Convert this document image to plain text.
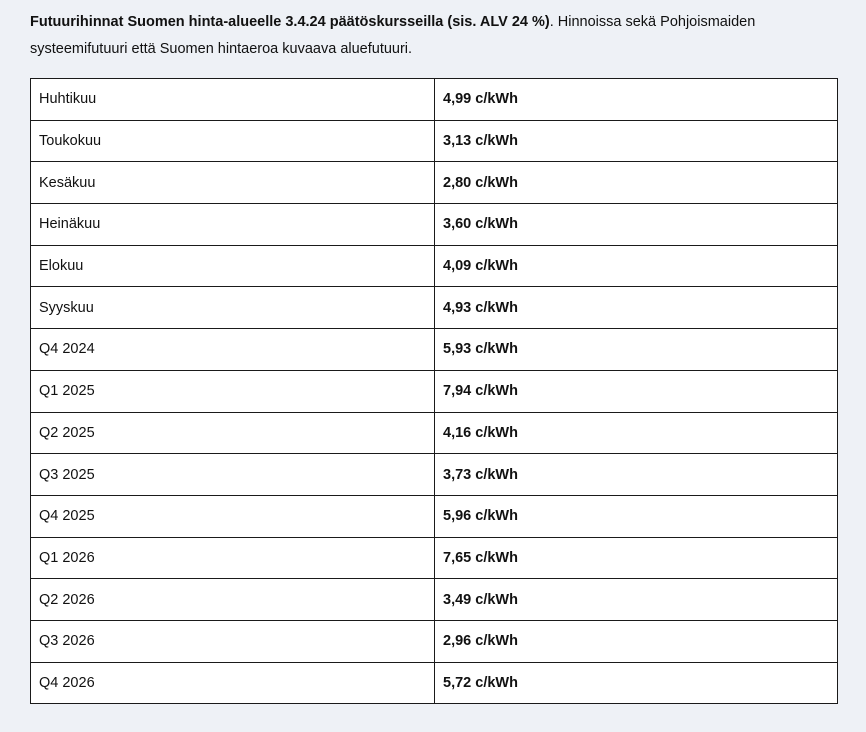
Futuurihinnat Suomen hinta-alueelle 3.4.24 päätöskursseilla (sis. ALV 24 %). Hinnoissa sekä Pohjoismaiden systeemifutuuri että Suomen hintaeroa kuvaava aluefutuuri.

Huhtikuu	4,99 c/kWh
Toukokuu	3,13 c/kWh
Kesäkuu	2,80 c/kWh
Heinäkuu	3,60 c/kWh
Elokuu	4,09 c/kWh
Syyskuu	4,93 c/kWh
Q4 2024	5,93 c/kWh
Q1 2025	7,94 c/kWh
Q2 2025	4,16 c/kWh
Q3 2025	3,73 c/kWh
Q4 2025	5,96 c/kWh
Q1 2026	7,65 c/kWh
Q2 2026	3,49 c/kWh
Q3 2026	2,96 c/kWh
Q4 2026	5,72 c/kWh
